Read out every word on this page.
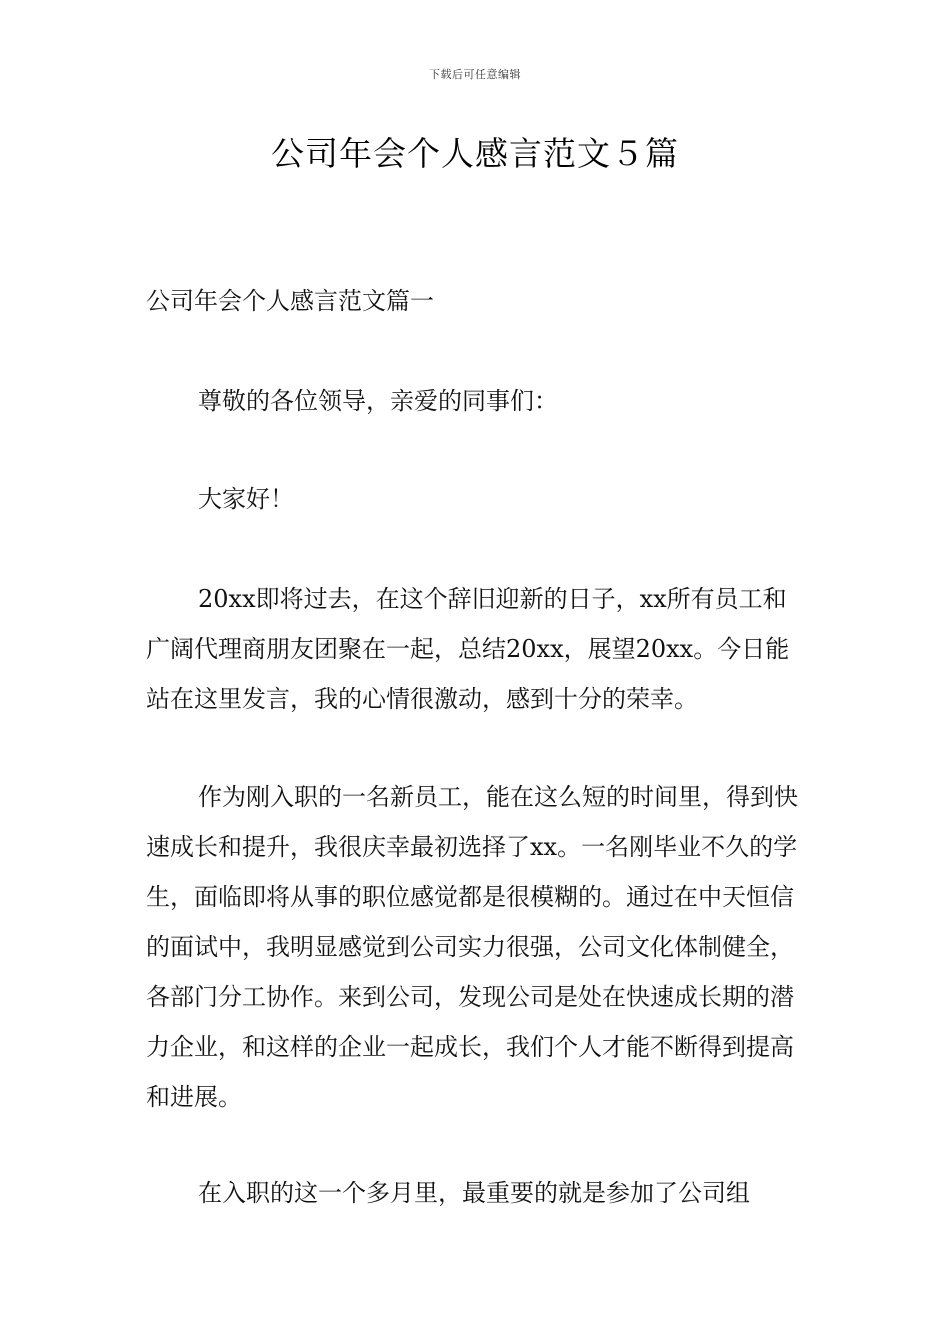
下载后可任意编辑
公司年会个人感言范文５篇

公司年会个人感言范文篇一

尊敬的各位领导，亲爱的同事们：

大家好！

20xx即将过去，在这个辞旧迎新的日子，xx所有员工和广阔代理商朋友团聚在一起，总结20xx，展望20xx。今日能站在这里发言，我的心情很激动，感到十分的荣幸。

作为刚入职的一名新员工，能在这么短的时间里，得到快速成长和提升，我很庆幸最初选择了xx。一名刚毕业不久的学生，面临即将从事的职位感觉都是很模糊的。通过在中天恒信的面试中，我明显感觉到公司实力很强，公司文化体制健全，各部门分工协作。来到公司，发现公司是处在快速成长期的潜力企业，和这样的企业一起成长，我们个人才能不断得到提高和进展。

在入职的这一个多月里，最重要的就是参加了公司组
